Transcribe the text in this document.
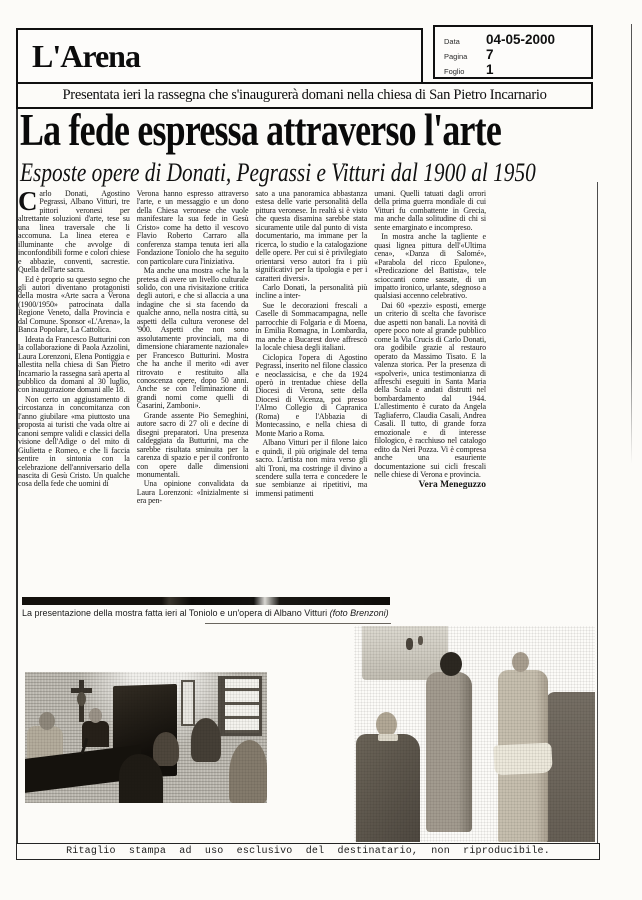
L'Arena	Data	04-05-2000
Pagina	7
Foglio	1
Presentata ieri la rassegna che s'inaugurerà domani nella chiesa di San Pietro Incarnario
La fede espressa attraverso l'arte
Esposte opere di Donati, Pegrassi e Vitturi dal 1900 al 1950

Carlo Donati, Agostino Pegrassi, Albano Vitturi, tre pittori veronesi per altrettante soluzioni d'arte, tese su una linea traversale che li accomuna. La linea eterea e illuminante che avvolge di inconfondibili forme e colori chiese e abbazie, conventi, sacrestie. Quella dell'arte sacra.

Ed è proprio su questo segno che gli autori diventano protagonisti della mostra «Arte sacra a Verona (1900/1950» patrocinata dalla Regione Veneto, dalla Provincia e dal Comune. Sponsor «L'Arena», la Banca Popolare, La Cattolica.

Ideata da Francesco Butturini con la collaborazione di Paola Azzolini, Laura Lorenzoni, Elena Pontiggia e allestita nella chiesa di San Pietro Incarnario la rassegna sarà aperta al pubblico da domani al 30 luglio, con inaugurazione domani alle 18.

Non certo un aggiustamento di circostanza in concomitanza con l'anno giubilare «ma piuttosto una proposta ai turisti che vada oltre ai canoni sempre validi e classici della visione dell'Adige o del mito di Giulietta e Romeo, e che li faccia sentire in sintonia con la celebrazione dell'anniversario della nascita di Gesù Cristo. Un qualche cosa della fede che uomini di

Verona hanno espresso attraverso l'arte, e un messaggio e un dono della Chiesa veronese che vuole manifestare la sua fede in Gesù Cristo» come ha detto il vescovo Flavio Roberto Carraro alla conferenza stampa tenuta ieri alla Fondazione Toniolo che ha seguito con particolare cura l'iniziativa.

Ma anche una mostra «che ha la pretesa di avere un livello culturale solido, con una rivisitazione critica degli autori, e che si allaccia a una indagine che si sta facendo da qualche anno, nella nostra città, su aspetti della cultura veronese del '900. Aspetti che non sono assolutamente provinciali, ma di dimensione chiaramente nazionale» per Francesco Butturini. Mostra che ha anche il merito «di aver ritrovato e restituito alla conoscenza opere, dopo 50 anni. Anche se con l'eliminazione di grandi nomi come quelli di Casarini, Zamboni».

Grande assente Pio Semeghini, autore sacro di 27 oli e decine di disegni preparatori. Una presenza caldeggiata da Butturini, ma che sarebbe risultata sminuita per la carenza di spazio e per il confronto con opere dalle dimensioni monumentali.

Una opinione convalidata da Laura Lorenzoni: «Inizialmente si era pen-

sato a una panoramica abbastanza estesa delle varie personalità della pittura veronese. In realtà si è visto che questa disamina sarebbe stata sicuramente utile dal punto di vista documentario, ma immane per la ricerca, lo studio e la catalogazione delle opere. Per cui si è privilegiato orientarsi verso autori fra i più significativi per la tipologia e per i caratteri diversi».

Carlo Donati, la personalità più incline a inter-

Sue le decorazioni frescali a Caselle di Sommacampagna, nelle parrocchie di Folgaria e di Moena, in Emilia Romagna, in Lombardia, ma anche a Bucarest dove affrescò la locale chiesa degli italiani.

Ciclopica l'opera di Agostino Pegrassi, inserito nel filone classico e neoclassicisa, e che da 1924 operò in trentadue chiese della Diocesi di Verona, sette della Diocesi di Vicenza, poi presso l'Almo Collegio di Capranica (Roma) e l'Abbazia di Montecassino, e nella chiesa di Monte Mario a Roma.

Albano Vitturi per il filone laico e quindi, il più originale del tema sacro. L'artista non mira verso gli alti Troni, ma costringe il divino a scendere sulla terra e concedere le sue sembianze ai ripetitivi, ma immensi patimenti

umani. Quelli tatuati dagli orrori della prima guerra mondiale di cui Vitturi fu combattente in Grecia, ma anche dalla solitudine di chi si sente emarginato e incompreso.

In mostra anche la tagliente e quasi lignea pittura dell'«Ultima cena», «Danza di Salomé», «Parabola del ricco Epulone», «Predicazione del Battista», tele scioccanti come sassate, di un impatto ironico, urlante, sdegnoso a qualsiasi accenno celebrativo.

Dai 60 «pezzi» esposti, emerge un criterio di scelta che favorisce due aspetti non banali. La novità di opere poco note al grande pubblico come la Via Crucis di Carlo Donati, ora godibile grazie al restauro operato da Massimo Tisato. E la valenza storica. Per la presenza di «spolveri», unica testimonianza di affreschi eseguiti in Santa Maria della Scala e andati distrutti nel bombardamento dal 1944. L'allestimento è curato da Angela Tagliaferro, Claudia Casali, Andrea Casali. Il tutto, di grande forza emozionale e di interesse filologico, è racchiuso nel catalogo edito da Neri Pozza. Vi è compresa anche una esauriente documentazione sui cicli frescali nelle chiese di Verona e provincia.

Vera Meneguzzo

La presentazione della mostra fatta ieri al Toniolo e un'opera di Albano Vitturi (foto Brenzoni)
Ritaglio stampa ad uso esclusivo del destinatario, non riproducibile.
